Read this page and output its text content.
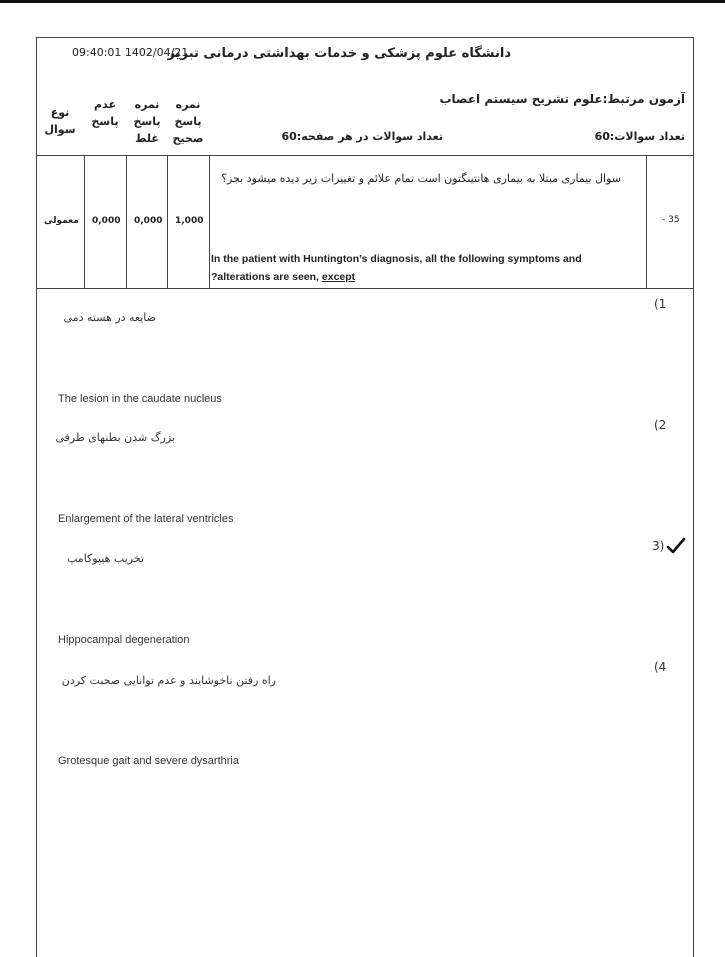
09:40:01 1402/04/21
دانشگاه علوم پزشکی و خدمات بهداشتی درمانی تبریز
آزمون مرتبط:علوم تشریح سیستم اعصاب
تعداد سوالات:60
تعداد سوالات در هر صفحه:60
نوع
سوال
عدم
پاسخ
نمره
پاسخ
غلط
نمره
پاسخ
صحیح
معمولی 0,000 0,000 1,000	- 35
سوال بیماری مبتلا به بیماری هانتینگتون است تمام علائم و تغییرات زیر دیده میشود بجز؟
In the patient with Huntington’s diagnosis, all the following symptoms and
?alterations are seen, except
(1
ضایعه در هسته دمی
The lesion in the caudate nucleus
(2
بزرگ شدن بطنهای طرفی
Enlargement of the lateral ventricles
3)
تخریب هیپوکامپ
Hippocampal degeneration
(4
راه رفتن ناخوشایند و عدم توانایی صحبت کردن
Grotesque gait and severe dysarthria
